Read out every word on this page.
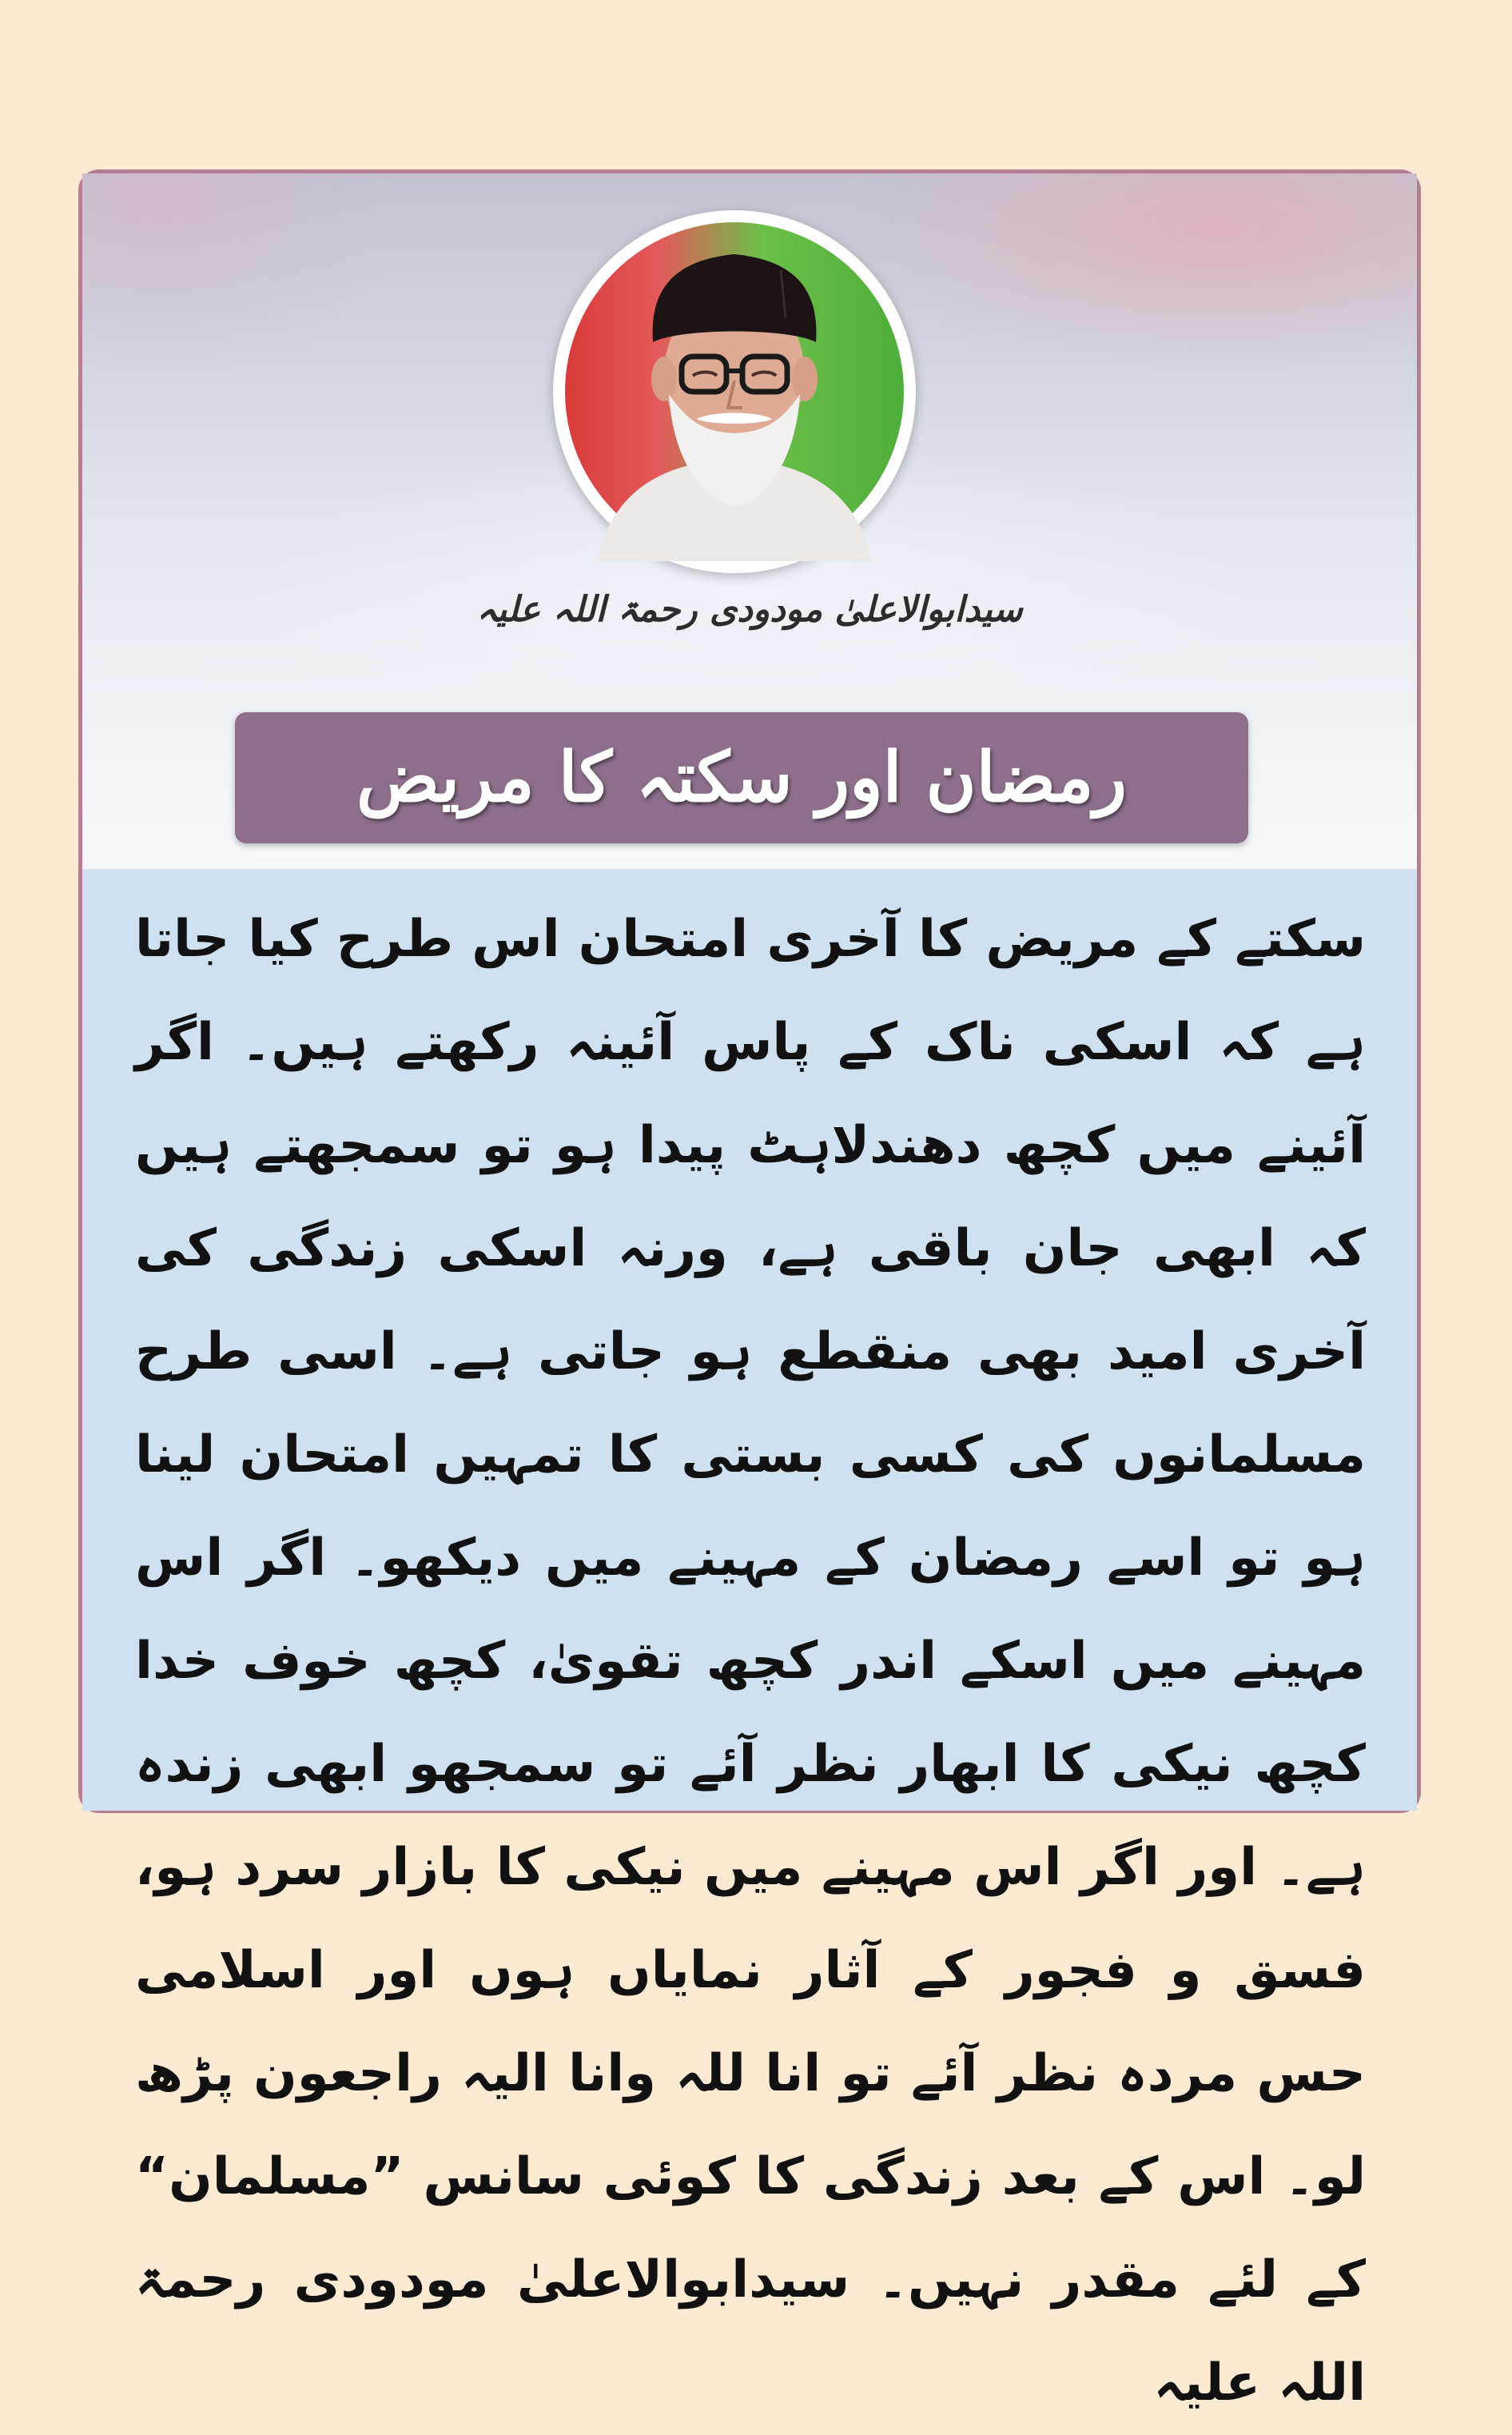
سیدابوالاعلیٰ مودودی رحمۃ اللہ علیہ
رمضان اور سکتہ کا مریض
سکتے کے مریض کا آخری امتحان اس طرح کیا جاتا ہے کہ اسکی ناک کے پاس آئینہ رکھتے ہیں۔ اگر آئینے میں کچھ دھندلاہٹ پیدا ہو تو سمجھتے ہیں کہ ابھی جان باقی ہے، ورنہ اسکی زندگی کی آخری امید بھی منقطع ہو جاتی ہے۔ اسی طرح مسلمانوں کی کسی بستی کا تمہیں امتحان لینا ہو تو اسے رمضان کے مہینے میں دیکھو۔ اگر اس مہینے میں اسکے اندر کچھ تقویٰ، کچھ خوف خدا کچھ نیکی کا ابھار نظر آئے تو سمجھو ابھی زندہ ہے۔ اور اگر اس مہینے میں نیکی کا بازار سرد ہو، فسق و فجور کے آثار نمایاں ہوں اور اسلامی حس مردہ نظر آئے تو انا للہ وانا الیہ راجعون پڑھ لو۔ اس کے بعد زندگی کا کوئی سانس ”مسلمان“ کے لئے مقدر نہیں۔ سیدابوالاعلیٰ مودودی رحمۃ اللہ علیہ
